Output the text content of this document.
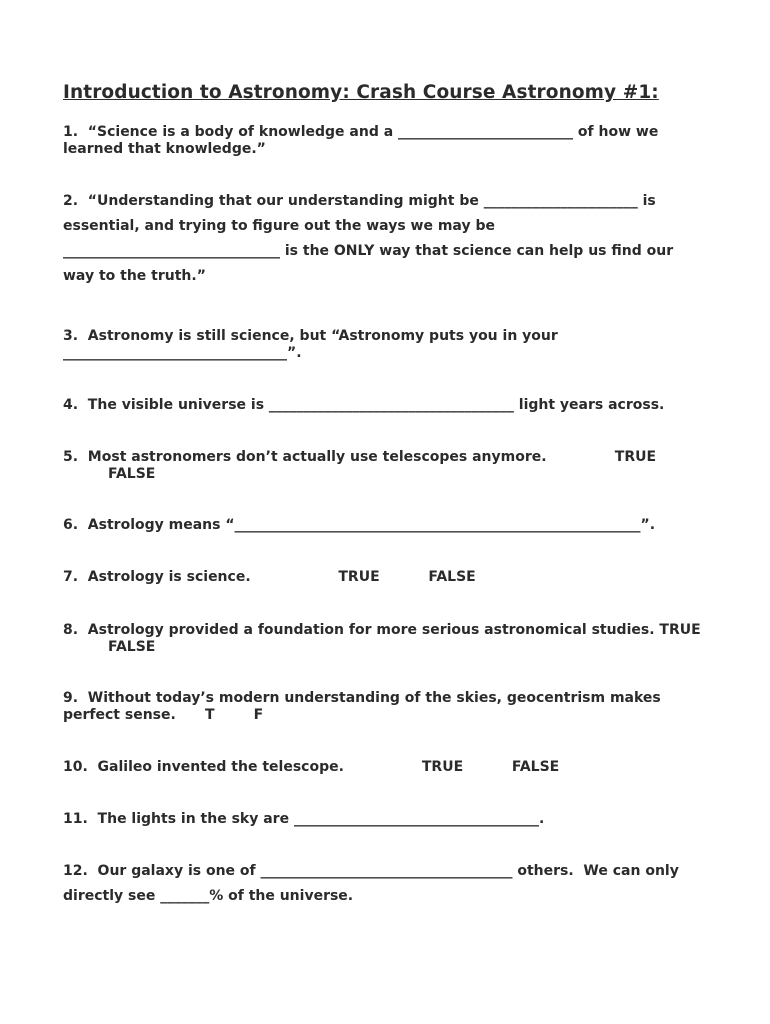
Introduction to Astronomy: Crash Course Astronomy #1:

1.  “Science is a body of knowledge and a _________________________ of how we
learned that knowledge.”

2.  “Understanding that our understanding might be ______________________ is
essential, and trying to figure out the ways we may be
_______________________________ is the ONLY way that science can help us find our
way to the truth.”

3.  Astronomy is still science, but “Astronomy puts you in your
________________________________”.

4.  The visible universe is ___________________________________ light years across.

5.  Most astronomers don’t actually use telescopes anymore.              TRUE
FALSE

6.  Astrology means “__________________________________________________________”.

7.  Astrology is science.                  TRUE          FALSE

8.  Astrology provided a foundation for more serious astronomical studies. TRUE
FALSE

9.  Without today’s modern understanding of the skies, geocentrism makes
perfect sense.      T        F

10.  Galileo invented the telescope.                TRUE          FALSE

11.  The lights in the sky are ___________________________________.

12.  Our galaxy is one of ____________________________________ others.  We can only
directly see _______% of the universe.
